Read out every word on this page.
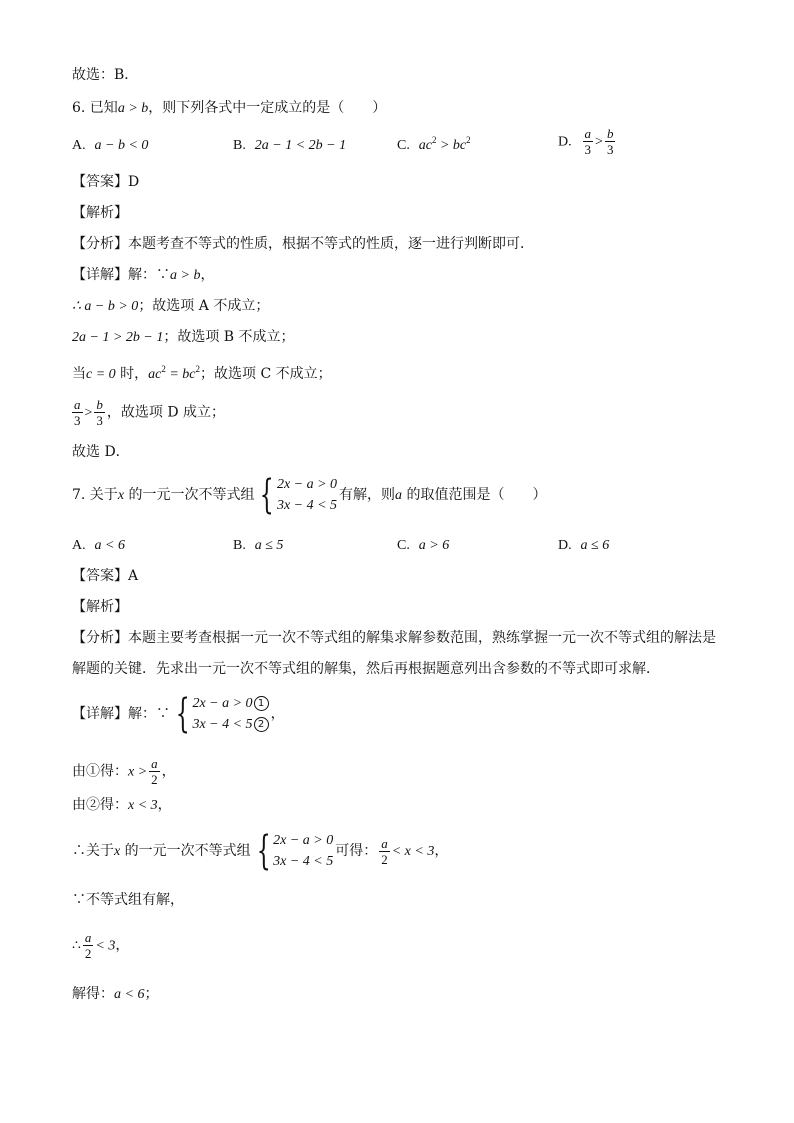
故选：B．
6. 已知a > b，则下列各式中一定成立的是（　　）
A. a − b < 0	B. 2a − 1 < 2b − 1	C. $ac^2 > bc^2$	D. $\frac{a}{3} > \frac{b}{3}$
【答案】D
【解析】
【分析】本题考查不等式的性质，根据不等式的性质，逐一进行判断即可．
【详解】解：∵a > b，
∴ a − b > 0；故选项 A 不成立；
2a − 1 > 2b − 1；故选项 B 不成立；
当c = 0 时，$ac^2 = bc^2$；故选项 C 不成立；
$\frac{a}{3} > \frac{b}{3}$ ，故选项 D 成立；
故选 D．
7. 关于x 的一元一次不等式组 { 2x − a > 0
3x − 4 < 5
有解，则a 的取值范围是（　　）
A. a < 6	B. a ≤ 5	C. a > 6	D. a ≤ 6
【答案】A
【解析】
【分析】本题主要考查根据一元一次不等式组的解集求解参数范围，熟练掌握一元一次不等式组的解法是
解题的关键．先求出一元一次不等式组的解集，然后再根据题意列出含参数的不等式即可求解．
【详解】解：∵ { 2x − a > 0 1
3x − 4 < 5 2
，
由①得：$x > \frac{a}{2}$ ，
由②得：x < 3，
∴关于x 的一元一次不等式组 { 2x − a > 0
3x − 4 < 5
可得： $\frac{a}{2} < x < 3$，
∵不等式组有解，
∴ $\frac{a}{2} < 3$，
解得：a < 6；
